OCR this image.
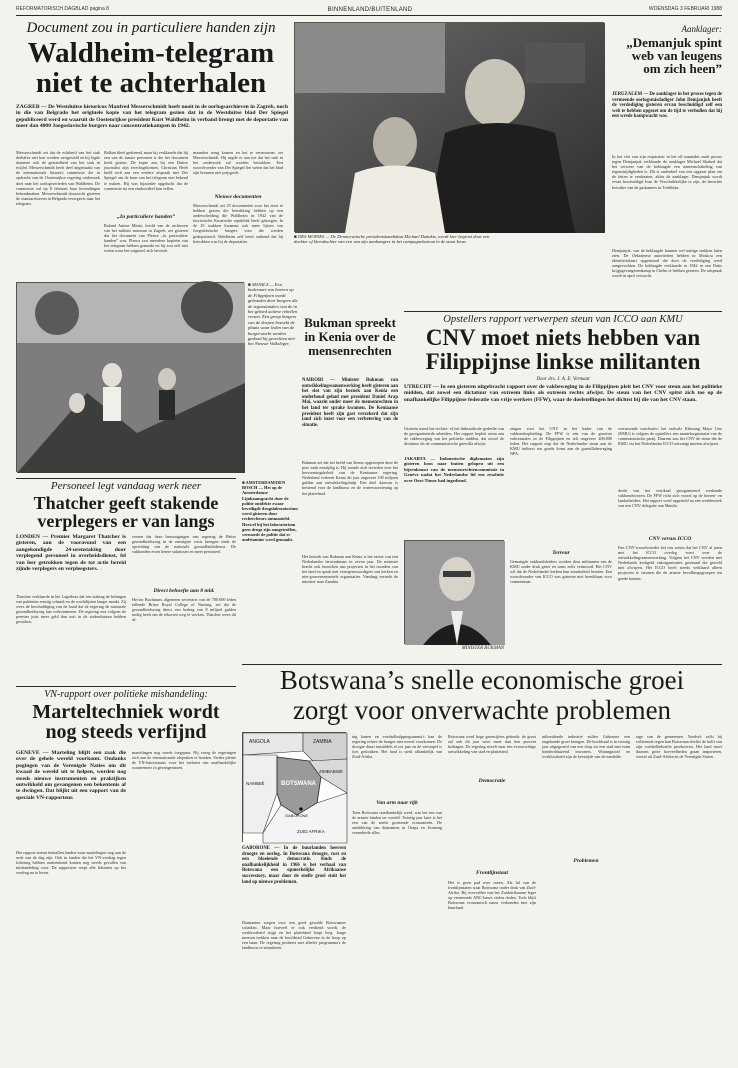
REFORMATORISCH DAGBLAD pagina 8	BINNENLAND/BUITENLAND	WOENSDAG 3 FEBRUARI 1988
Document zou in particuliere handen zijn
Waldheim-telegram
niet te achterhalen
ZAGREB — De Westduitse historicus Manfred Messerschmidt heeft nooit in de oorlogsarchieven in Zagreb, noch in die van Belgrado het originele kopie van het telegram gezien dat in de Westduitse blad Der Spiegel gepubliceerd werd en waaruit de Oostenrijkse president Kurt Waldheim in verband brengt met de deportatie van meer dan 4000 Joegoslavische burgers naar concentratiekampen in 1942.
Messerschmidt zei dat de echtheid van het stuk derhalve niet kon worden vastgesteld en hij legde daarmee ook de gezondheid van het stuk in twijfel. Messerschmidt heeft deel uitgemaakt van de internationale historici commissie die in opdracht van de Oostenrijkse regering onderzoek doet naar het oorlogsverleden van Waldheim. De commissie zal op 8 februari haar bevindingen bekendmaken. Messerschmidt doorzocht gisteren de staatsarchieven in Belgrado tevergeefs naar het telegram.
Balkan bleef gedoemd, maar hij verklaarde dat hij een van de laatste personen is die het document heeft gezien. De kopie zou bij een Duitse journalist zijn terechtgekomen. Christian Heeb hield zich aan een eerdere afspraak met Der Spiegel om de bron van het telegram niet bekend te maken. Hij was bijzonder opgelucht dat de commissie nu een eindoordeel kan vellen.
„In particuliere handen”
Roland Amine Mitrie, hoofd van de archieven van het militair museum in Zagreb, zei gisteren dat het document van Plenca „in particuliere handen” was. Plenca zou meerdere kopieën van het telegram hebben gemaakt en hij zou zelf niet weten waar het origineel zich bevindt.
maanden terug komen en het te vertrouwen, zei Messerschmidt. Hij zegde er aan toe dat het stuk in het onderzoek zal worden betrokken. Een woordvoerder van Der Spiegel liet weten dat het blad zijn bronnen niet prijsgeeft.
Nieuwe documenten
Messerschmidt zei 25 documenten voor het eerst te hebben gezien die betrekking hebben op een onderscheiding die Waldheim in 1942 van de fascistische Kroatische republiek heeft gekregen. In de 25 stukken kwamen ook meer lijsten van Joegoslavische burgers voor die werden gedeporteerd. Waldheim zelf heeft ontkend dat hij betrokken was bij de deportaties.
■ DES MOINES — De Democratische presidentskandidaat Michael Dukakis, wordt hier begroet door een dochter of kleindochter van een van zijn aanhangers in het campagnebureau in de staat Iowa.
Aanklager:
„Demanjuk spint web van leugens om zich heen”
JERUZALEM — De aanklager in het proces tegen de vermeende oorlogsmisdadiger John Demjanjuk heeft de verdediging gisteren ervan beschuldigd zelf een web te hebben opgezet om de tijd te verhullen dat hij een wrede kampwacht was.
In het slot van zijn requisitoir in het elf maanden oude proces tegen Demjanjuk verklaarde de aanklager Michael Shaked dat het verweer van de beklaagde een aaneenschakeling van tegenstrijdigheden is. Dit is onderdeel van een opgezet plan om de feiten te verdraaien, aldus de aanklager. Demjanjuk wordt ervan beschuldigd Ivan de Verschrikkelijke te zijn, de beruchte bewaker van de gaskamers in Treblinka.
Demjanjuk, van de beklaagde kunnen wel nuttige stukken laten zien. De Oekraïense autoriteiten hebben in Moskou een identiteitskaart opgestuurd die door de verdediging werd aangevochten. De beklaagde verklaarde in 1942 in een Duits krijgsgevangenenkamp in Chelm te hebben gezeten. De uitspraak wordt in april verwacht.
Opstellers rapport verwerpen steun van ICCO aan KMU
CNV moet niets hebben van
Filippijnse linkse militanten
Door drs. J. A. E. Vermaat
UTRECHT — In een gisteren uitgebracht rapport over de vakbeweging in de Filippijnen pleit het CNV voor steun aan het politieke midden, dat zowel een dictatuur van extreem links als extreem rechts afwijst. De steun van het CNV spitst zich toe op de onafhankelijke Filippijnse federatie van vrije werkers (FFW), waar de doelstellingen het dichtst bij die van het CNV staan.
Gisteren meed het rechtse- of het linksradicale gedeelte van de georganiseerde arbeiders. Het rapport bepleit steun aan de vakbeweging van het politieke midden, dat zowel de dictatuur als de communistische guerrilla afwijst.
zingen voor het CNV in het kader van de vakbondsopleiding. De FFW is een van de grootste vakcentrales in de Filippijnen en telt ongeveer 400.000 leden. Het rapport zegt dat de Nederlandse steun aan de KMU indirect ten goede komt aan de guerrillabeweging NPA.
verrassende conclusies: het radicale Kilusang Mayo Uno (KMU) is volgens de opstellers een mantelorganisatie van de communistische partij. Daarom zou het CNV de steun die de KMU via het Nederlandse ICCO ontvangt moeten afwijzen.
Terreur
Gematigde vakbondsleiders worden door militanten van de KMU onder druk gezet en soms zelfs vermoord. Het CNV wil dat de Nederlandse kerken hun steunbeleid herzien. Een woordvoerder van ICCO was gisteren niet bereikbaar voor commentaar.
derde van het vertikaal georganiseerd werkende vakbondswezen. De FFW richt zich vooral op de boeren- en landarbeiders. Het rapport werd opgesteld na een werkbezoek van een CNV-delegatie aan Manila.
CNV versus ICCO
Een CNV-woordvoerder liet ons weten dat het CNV al jaren met het ICCO overleg voert over de ontwikkelingssamenwerking. Volgens het CNV worden met Nederlands kerkgeld vakorganisaties gesteund die geweld niet afwijzen. Het ICCO heeft steeds verklaard alleen projecten te steunen die de armste bevolkingsgroepen ten goede komen.
MINISTER BUKMAN
■ MANILA — Een bedevaart van boeren op de Filippijnen wordt gehouden door burgers die de tegenstanders van de in het gebied actieve rebellen vrezen. Een groep burgers van de dorpen bezoekt de plaats waar leden van de burgerwacht werden gedood bij gevechten met het Nieuwe Volksleger.
Bukman spreekt in Kenia over de mensenrechten
NAIROBI — Minister Bukman van ontwikkelingssamenwerking heeft gisteren aan het slot van zijn bezoek aan Kenia een onderhoud gehad met president Daniel Arap Moi, waarin onder meer de mensenrechten in het land ter sprake kwamen. De Keniaanse president heeft zijn gast verzekerd dat zijn land zich inzet voor een verbetering van de situatie.
Bukman zei dat het beeld van Kenia opgeroepen door de pers vaak eenzijdig is. Hij toonde zich tevreden over het hervormingsbeleid van de Keniaanse regering. Nederland verleent Kenia dit jaar ongeveer 100 miljoen gulden aan ontwikkelingshulp. Een deel daarvan is bestemd voor de landbouw en de watervoorziening op het platteland.
Het bezoek van Bukman aan Kenia is het eerste van een Nederlandse bewindsman in zeven jaar. De minister bracht ook bezoeken aan projecten in het noorden van het land en sprak met vertegenwoordigers van kerken en niet-gouvernementele organisaties. Vandaag vertrekt de minister naar Zambia.
JAKARTA — Indonesische diplomaten zijn gisteren boos naar buiten gelopen uit een bijeenkomst van de mensenrechtencommissie in Genève nadat het Nederlandse lid een resolutie over Oost-Timor had ingediend.
Personeel legt vandaag werk neer
Thatcher geeft stakende verplegers er van langs
LONDEN — Premier Margaret Thatcher is gisteren, aan de vooravond van een aangekondigde 24-urenstaking door verplegend personeel in overheidsdienst, fel van leer getrokken tegen de tot actie bereid zijnde verplegers en verpleegsters.
Thatcher verklaarde in het Lagerhuis dat een staking de belangen van patiënten ernstig schaadt en de wachtlijsten langer maakt. Zij wees de beschuldiging van de hand dat de regering de nationale gezondheidszorg laat verkommeren. De regering zou volgens de premier juist meer geld dan ooit in de ziekenhuizen hebben gestoken.
vrezen dat deze bezuinigingen van regering de Britse gezondheidszorg in de ernstigste crisis brengen sinds de oprichting van de nationale gezondheidsdienst. De vakbonden eisen betere salarissen en meer personeel.
Direct behoefte aan 8 mld.
Hector Buchanan, algemeen secretaris van de 700.000 leden tellende Britse Royal College of Nursing, zei dat de gezondheidszorg direct een bedrag van 8 miljard gulden nodig heeft om de tekorten weg te werken. Thatcher wees dit af.
■ AMSTERDAM/DEN BOSCH — Het op de Amsterdamse Lijnbaansgracht door de politie ontdekte zwaar beveiligde drugslaboratorium werd gisteren door rechercheurs ontmanteld. Hoewel bij het laboratorium geen drugs zijn aangetroffen, vermoedt de politie dat er amfetamine werd gemaakt.
Botswana’s snelle economische groei
zorgt voor onverwachte problemen
ANGOLA	ZAMBIA
ZIMBABWE
NAMIBIË	BOTSWANA
GABORONE
ZUID AFRIKA
GABORONE — In de buurlanden heersen droogte en oorlog. In Botswana droogte, rust en een bloeiende democratie. Sinds de onafhankelijkheid in 1966 is het verhaal van Botswana een opmerkelijke Afrikaanse successtory, maar door de snelle groei stuit het land op nieuwe problemen.
Diamanten zorgen voor een goed gevulde Botswaanse schatkist. Maar hoeveel er ook verdiend wordt, de werkloosheid stijgt en het platteland loopt leeg. Jonge mensen trekken naar de hoofdstad Gaborone in de hoop op een baan. De regering probeert met allerlei programma's de landbouw te stimuleren.
ing banen en voedselhulpprogramma's kan de regering echter de honger niet overal voorkomen. De droogte duurt inmiddels al zes jaar en de veestapel is fors geslonken. Het land is sterk afhankelijk van Zuid-Afrika.
Van arm naar rijk
Toen Botswana onafhankelijk werd, was het een van de armste landen ter wereld. Twintig jaar later is het een van de snelst groeiende economieën. De ontdekking van diamanten in Orapa en Jwaneng veranderde alles.
Botswana werd hoge groeicijfers geboekt: de groei zal ook dit jaar weer meer dan tien procent bedragen. De regering streeft naar een evenwichtige ontwikkeling van stad en platteland.
Democratie
Frontlijnstaat
Het is geen pad over rozen. Als lid van de frontlijnstaten staat Botswana onder druk van Zuid-Afrika. Bij overvallen van het Zuidafrikaanse leger op vermeende ANC-bases vielen doden. Toch blijft Botswana economisch nauw verbonden met zijn buurland.
uitbreidende industrie zullen Gaborone een ongekende groei brengen. De hoofdstad is in twintig jaar uitgegroeid van een dorp tot een stad met ruim honderdduizend inwoners. Woningnood en werkloosheid zijn de keerzijde van de medaille.
Problemen
tage van de gemeenten. Voedsel: zelfs bij voldoende regen kan Botswana slechts de helft van zijn voedselbehoefte produceren. Het land moet daarom grote hoeveelheden graan importeren, vooral uit Zuid-Afrika en de Verenigde Staten.
VN-rapport over politieke mishandeling:
Marteltechniek wordt nog steeds verfijnd
GENEVE — Marteling blijft een zaak die over de gehele wereld voorkomt. Ondanks pogingen van de Verenigde Naties om dit kwaad de wereld uit te helpen, worden nog steeds nieuwe instrumenten en praktijken ontwikkeld om gevangenen een bekentenis af te dwingen. Dat blijkt uit een rapport van de speciale VN-rapporteur.
Het rapport noemt tientallen landen waar martelingen nog aan de orde van de dag zijn. Ook in landen die het VN-verdrag tegen foltering hebben ondertekend komen nog steeds gevallen van mishandeling voor. De rapporteur roept alle lidstaten op het verdrag na te leven.
martelingen nog steeds toegepast. Hij vroeg de regeringen zich aan de internationale afspraken te houden. Verder pleitte de VN-functionaris voor het toelaten van onafhankelijke waarnemers in gevangenissen.
